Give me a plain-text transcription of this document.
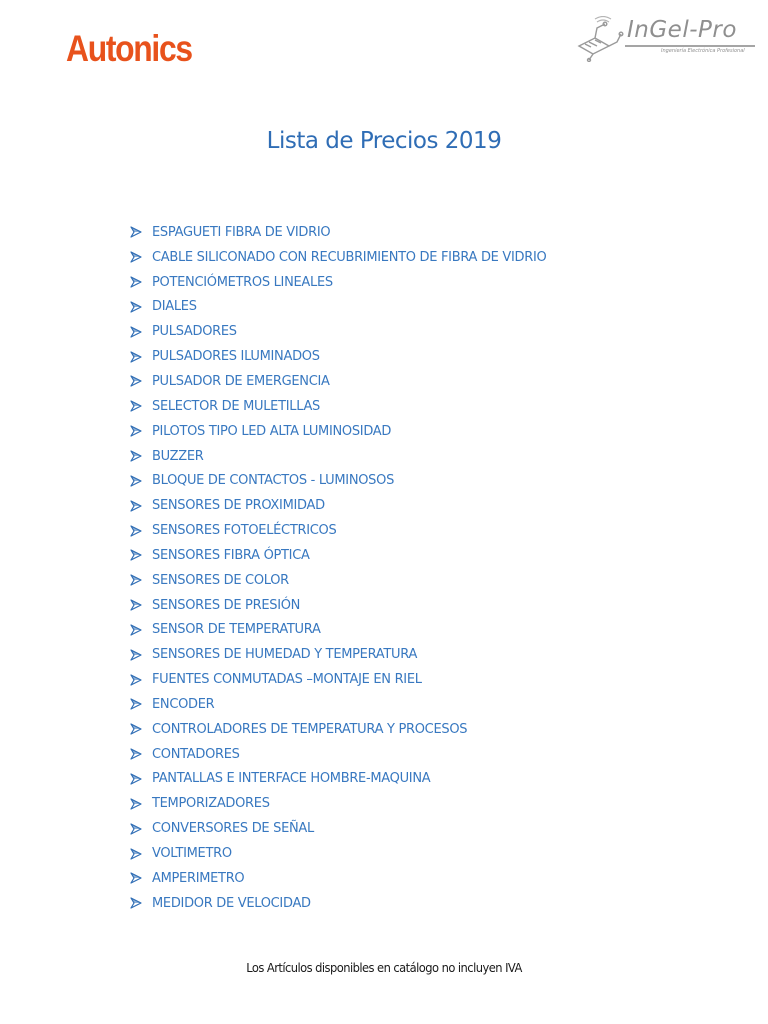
Autonics	InGel-Pro
Ingeniería Electrónica Profesional
Lista de Precios 2019
ESPAGUETI FIBRA DE VIDRIO
CABLE SILICONADO CON RECUBRIMIENTO DE FIBRA DE VIDRIO
POTENCIÓMETROS LINEALES
DIALES
PULSADORES
PULSADORES ILUMINADOS
PULSADOR DE EMERGENCIA
SELECTOR DE MULETILLAS
PILOTOS TIPO LED ALTA LUMINOSIDAD
BUZZER
BLOQUE DE CONTACTOS - LUMINOSOS
SENSORES DE PROXIMIDAD
SENSORES FOTOELÉCTRICOS
SENSORES FIBRA ÓPTICA
SENSORES DE COLOR
SENSORES DE PRESIÓN
SENSOR DE TEMPERATURA
SENSORES DE HUMEDAD Y TEMPERATURA
FUENTES CONMUTADAS –MONTAJE EN RIEL
ENCODER
CONTROLADORES DE TEMPERATURA Y PROCESOS
CONTADORES
PANTALLAS E INTERFACE HOMBRE-MAQUINA
TEMPORIZADORES
CONVERSORES DE SEÑAL
VOLTIMETRO
AMPERIMETRO
MEDIDOR DE VELOCIDAD
Los Artículos disponibles en catálogo no incluyen IVA
